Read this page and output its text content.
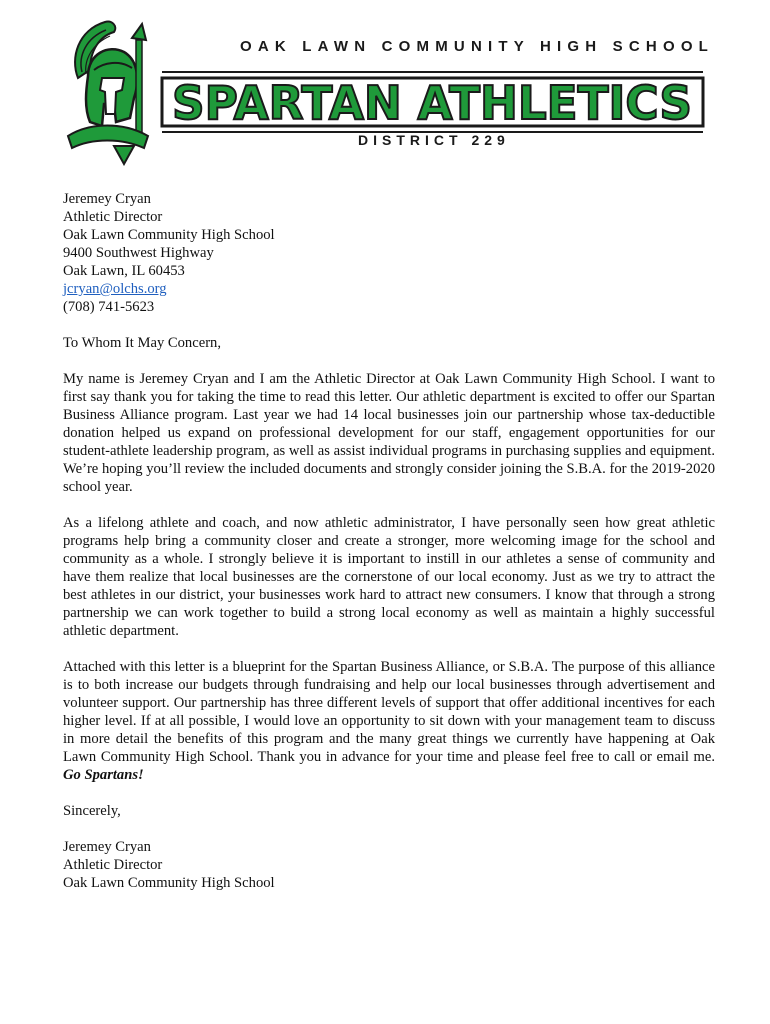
OAK LAWN COMMUNITY HIGH SCHOOL
SPARTAN ATHLETICS
DISTRICT 229

Jeremey Cryan
Athletic Director
Oak Lawn Community High School
9400 Southwest Highway
Oak Lawn, IL 60453
jcryan@olchs.org
(708) 741-5623

To Whom It May Concern,

My name is Jeremey Cryan and I am the Athletic Director at Oak Lawn Community High School. I want to first say thank you for taking the time to read this letter. Our athletic department is excited to offer our Spartan Business Alliance program. Last year we had 14 local businesses join our partnership whose tax-deductible donation helped us expand on professional development for our staff, engagement opportunities for our student-athlete leadership program, as well as assist individual programs in purchasing supplies and equipment. We’re hoping you’ll review the included documents and strongly consider joining the S.B.A. for the 2019-2020 school year.

As a lifelong athlete and coach, and now athletic administrator, I have personally seen how great athletic programs help bring a community closer and create a stronger, more welcoming image for the school and community as a whole. I strongly believe it is important to instill in our athletes a sense of community and have them realize that local businesses are the cornerstone of our local economy. Just as we try to attract the best athletes in our district, your businesses work hard to attract new consumers. I know that through a strong partnership we can work together to build a strong local economy as well as maintain a highly successful athletic department.

Attached with this letter is a blueprint for the Spartan Business Alliance, or S.B.A. The purpose of this alliance is to both increase our budgets through fundraising and help our local businesses through advertisement and volunteer support. Our partnership has three different levels of support that offer additional incentives for each higher level. If at all possible, I would love an opportunity to sit down with your management team to discuss in more detail the benefits of this program and the many great things we currently have happening at Oak Lawn Community High School. Thank you in advance for your time and please feel free to call or email me. Go Spartans!

Sincerely,

Jeremey Cryan
Athletic Director
Oak Lawn Community High School
